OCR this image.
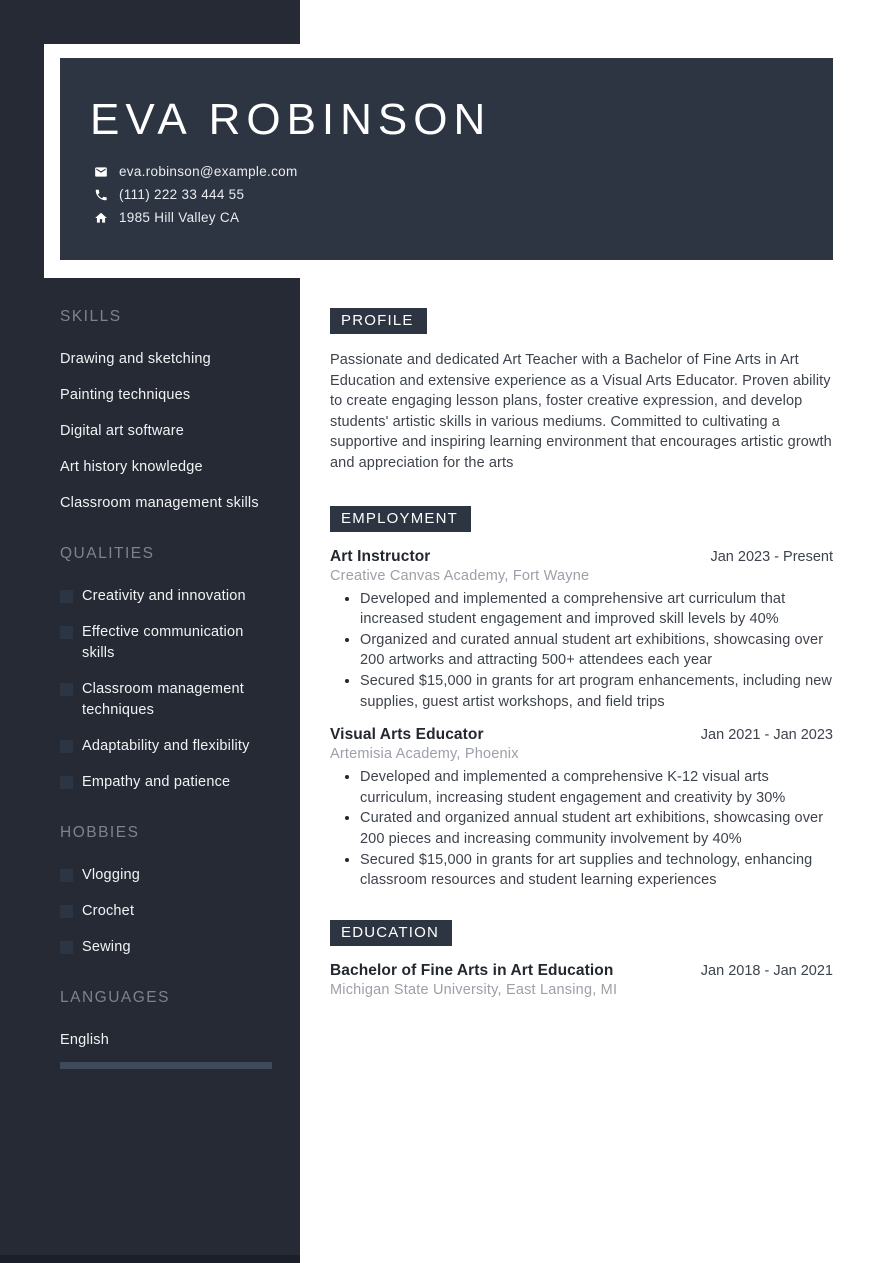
EVA ROBINSON
eva.robinson@example.com
(111) 222 33 444 55
1985 Hill Valley CA
SKILLS
Drawing and sketching
Painting techniques
Digital art software
Art history knowledge
Classroom management skills
QUALITIES
Creativity and innovation
Effective communication skills
Classroom management techniques
Adaptability and flexibility
Empathy and patience
HOBBIES
Vlogging
Crochet
Sewing
LANGUAGES
English
PROFILE

Passionate and dedicated Art Teacher with a Bachelor of Fine Arts in Art Education and extensive experience as a Visual Arts Educator. Proven ability to create engaging lesson plans, foster creative expression, and develop students' artistic skills in various mediums. Committed to cultivating a supportive and inspiring learning environment that encourages artistic growth and appreciation for the arts

EMPLOYMENT
Art Instructor	Jan 2023 - Present
Creative Canvas Academy, Fort Wayne
• Developed and implemented a comprehensive art curriculum that increased student engagement and improved skill levels by 40%
• Organized and curated annual student art exhibitions, showcasing over 200 artworks and attracting 500+ attendees each year
• Secured $15,000 in grants for art program enhancements, including new supplies, guest artist workshops, and field trips
Visual Arts Educator	Jan 2021 - Jan 2023
Artemisia Academy, Phoenix
• Developed and implemented a comprehensive K-12 visual arts curriculum, increasing student engagement and creativity by 30%
• Curated and organized annual student art exhibitions, showcasing over 200 pieces and increasing community involvement by 40%
• Secured $15,000 in grants for art supplies and technology, enhancing classroom resources and student learning experiences
EDUCATION
Bachelor of Fine Arts in Art Education	Jan 2018 - Jan 2021
Michigan State University, East Lansing, MI
